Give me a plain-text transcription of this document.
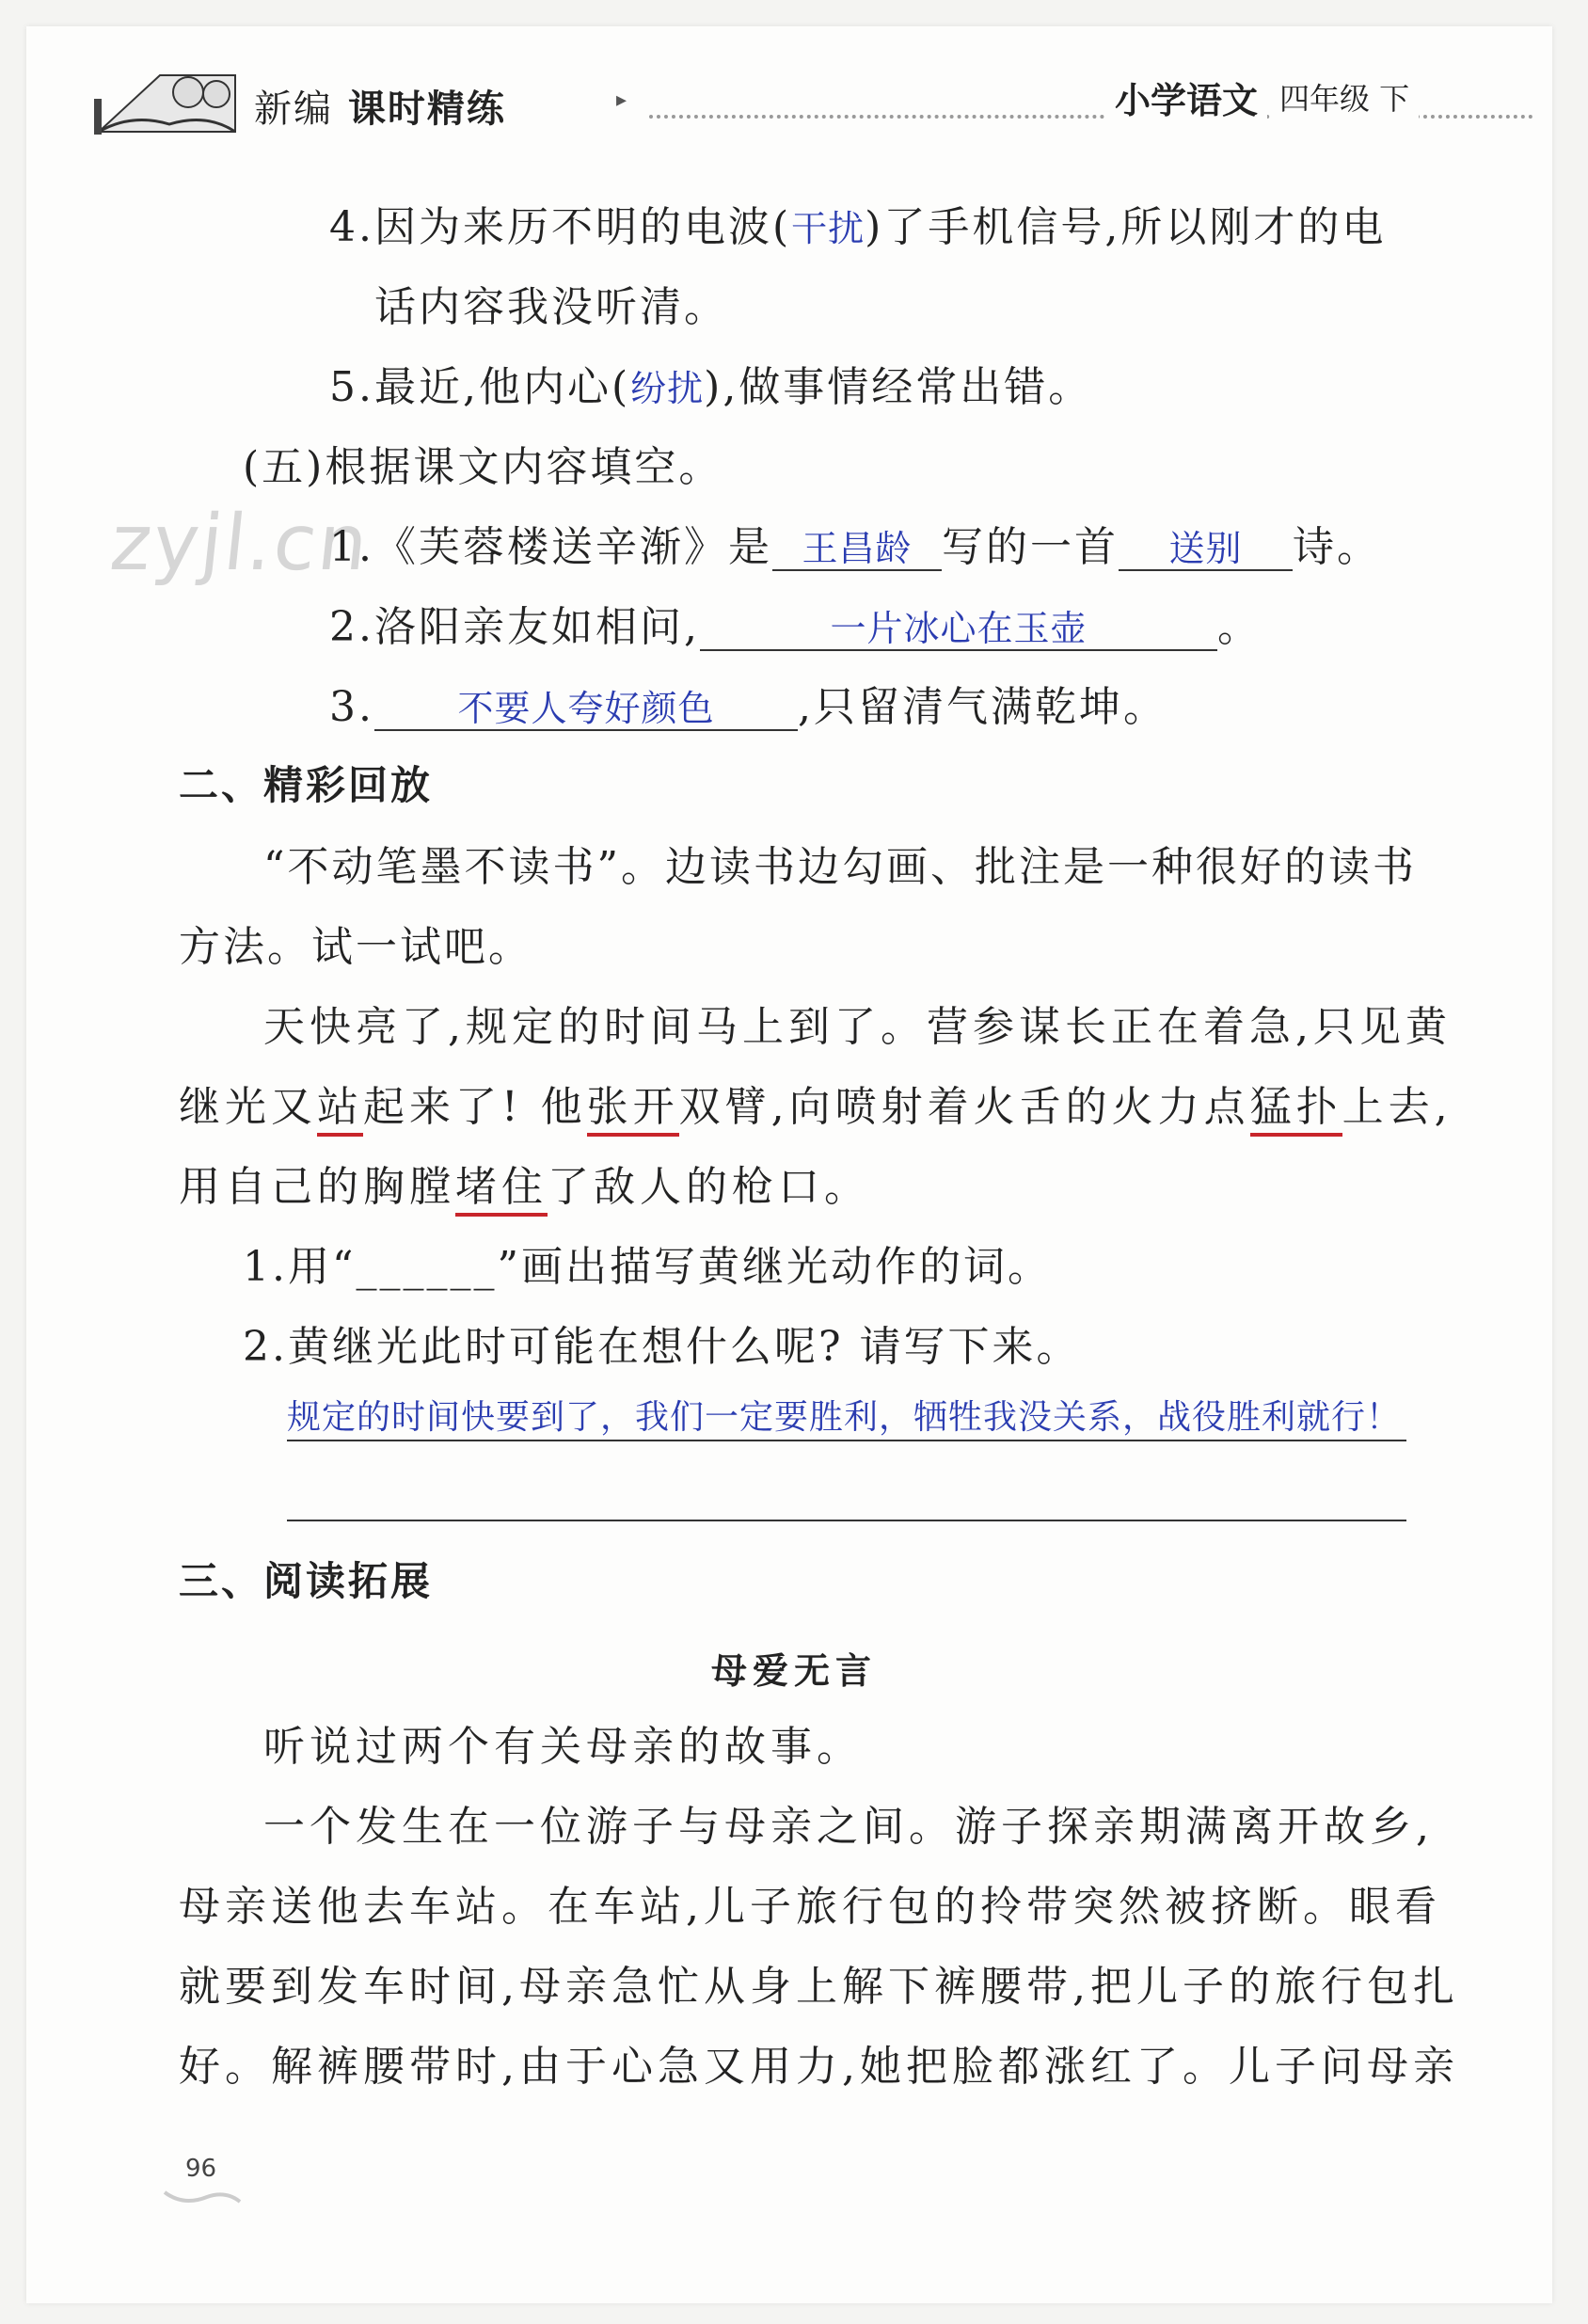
新编 课时精练	▸	小学语文 四年级 下
zyjl.cn
4.因为来历不明的电波(干扰)了手机信号,所以刚才的电
话内容我没听清。
5.最近,他内心(纷扰),做事情经常出错。
(五)根据课文内容填空。
1.《芙蓉楼送辛渐》是 王昌龄 写的一首 送别 诗。
2.洛阳亲友如相问,	一片冰心在玉壶	。
3. 不要人夸好颜色 ,只留清气满乾坤。
二、精彩回放
“不动笔墨不读书”。边读书边勾画、批注是一种很好的读书
方法。试一试吧。
天快亮了,规定的时间马上到了。营参谋长正在着急,只见黄
继光又站起来了! 他张开双臂,向喷射着火舌的火力点猛扑上去,
用自己的胸膛堵住了敌人的枪口。
1.用“______”画出描写黄继光动作的词。
2.黄继光此时可能在想什么呢? 请写下来。
规定的时间快要到了，我们一定要胜利，牺牲我没关系，战役胜利就行！
三、阅读拓展
母爱无言
听说过两个有关母亲的故事。
一个发生在一位游子与母亲之间。游子探亲期满离开故乡,
母亲送他去车站。在车站,儿子旅行包的拎带突然被挤断。眼看
就要到发车时间,母亲急忙从身上解下裤腰带,把儿子的旅行包扎
好。解裤腰带时,由于心急又用力,她把脸都涨红了。儿子问母亲
96
